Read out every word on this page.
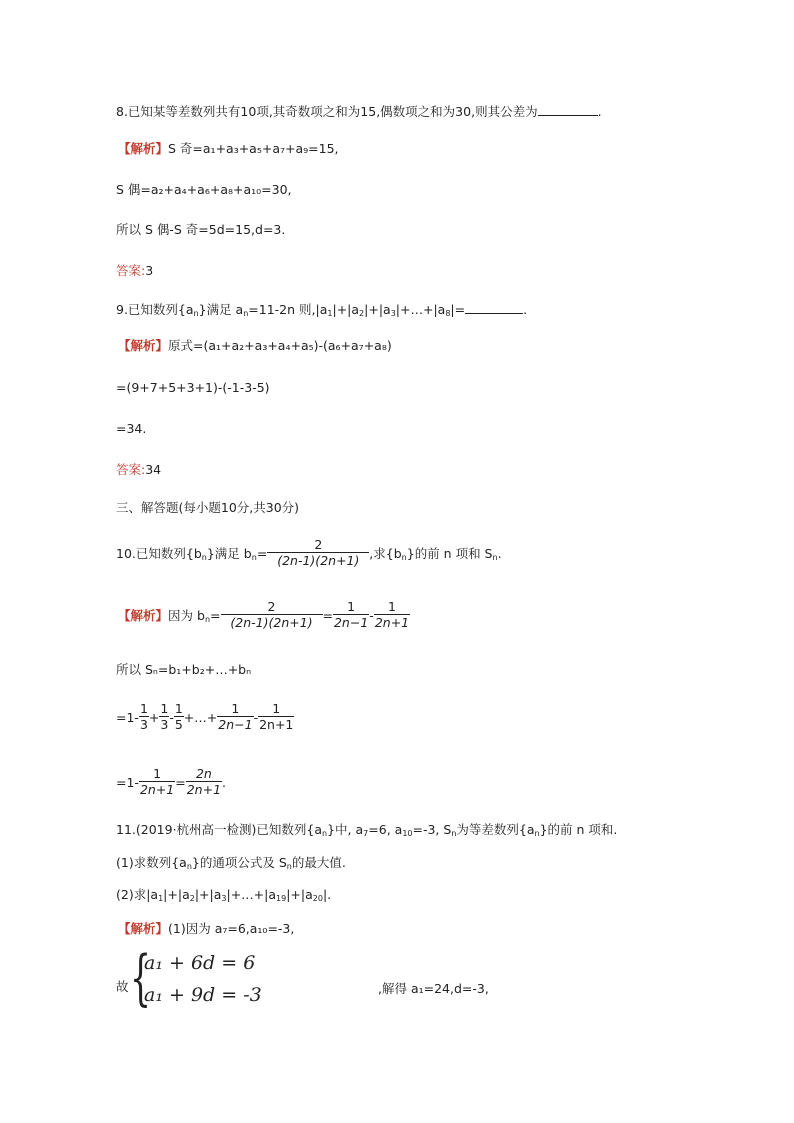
8.已知某等差数列共有10项,其奇数项之和为15,偶数项之和为30,则其公差为	.
【解析】S 奇=a₁+a₃+a₅+a₇+a₉=15,
S 偶=a₂+a₄+a₆+a₈+a₁₀=30,
所以 S 偶-S 奇=5d=15,d=3.
答案:3
9.已知数列$\{a_n\}$满足 $a_n=11-2n$ 则$,|a_1|+|a_2|+|a_3|+\dots+|a_8|=$	.
【解析】原式=(a₁+a₂+a₃+a₄+a₅)-(a₆+a₇+a₈)
=(9+7+5+3+1)-(-1-3-5)
=34.
答案:34
三、解答题(每小题10分,共30分)
10.已知数列$\{b_n\}$满足 $b_n= \frac{2}{(2n-1)(2n+1)}$ ,求$\{b_n\}$的前 n 项和 $S_n$.
【解析】因为 $b_n= \frac{2}{(2n-1)(2n+1)} = \frac{1}{2n-1} - \frac{1}{2n+1}$
所以 Sₙ=b₁+b₂+…+bₙ
$=1- \frac{1}{3} + \frac{1}{3} - \frac{1}{5}$ +…+ $\frac{1}{2n-1} - \frac{1}{2n+1}$
$=1- \frac{1}{2n+1} = \frac{2n}{2n+1}$ .
11.(2019·杭州高一检测)已知数列$\{a_n\}$中, $a_7=6$, $a_{10}=-3$, $S_n$为等差数列$\{a_n\}$的前 n 项和.
(1)求数列$\{a_n\}$的通项公式及 $S_n$的最大值.
(2)求$|a_1|+|a_2|+|a_3|+\dots+|a_{19}|+|a_{20}|$.
【解析】(1)因为 a₇=6,a₁₀=-3,
故 {
a₁ + 6d = 6
a₁ + 9d = -3	,解得 a₁=24,d=-3,
